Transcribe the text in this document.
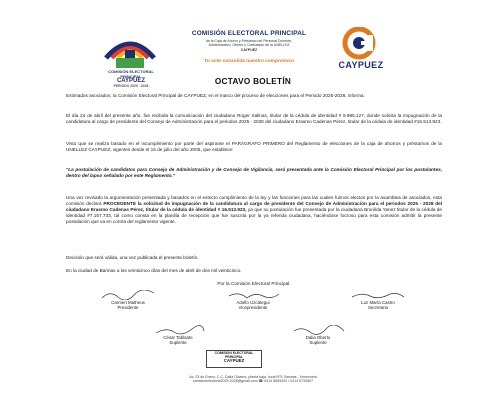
COMISIÓN ELECTORAL
PRINCIPAL
CAYPUEZ
PERIODO 2025 - 2028
COMISIÓN ELECTORAL PRINCIPAL
de la Caja de Ahorro y Préstamo del Personal Docente,
Administrativo, Obrero y Contratado de la UNELLEZ
CAYPUEZ
Tu voto consolida nuestro compromiso	CAYPUEZ
OCTAVO BOLETÍN
Estimados asociados, la Comisión Electoral Principal de CAYPUEZ, en el marco del proceso de elecciones para el Periodo 2025-2028, informa:
El día 24 de abril del presente año, fue recibida la comunicación del ciudadano Roger Salinas, titular de la cédula de identidad # 9.985.127, donde solicita la impugnación de la candidatura al cargo de presidente del Consejo de Administración para el periodos 2025 - 2028 del ciudadano Erasmo Cadenas Pérez, titular de la cédula de identidad #16.513.923.
Visto que se realiza basado en el incumplimiento por parte del aspirante el PARÁGRAFO PRIMERO del Reglamento de elecciones de la caja de ahorros y préstamos de la UNELLEZ CAYPUEZ, vigentes desde el 15 de julio del año 2005, que establece:
"La postulación de candidatos para Consejo de Administración y de Consejo de Vigilancia, será presentada ante la Comisión Electoral Principal por los postulantes, dentro del lapso señalado por este Reglamento."
Una vez revisado la argumentación presentada y basados en el estricto cumplimiento de la ley y las funciones para las cuales fuimos electos por la asamblea de asociados, esta comisión declara PROCEDENTE la solicitud de impugnación de la candidatura al cargo de presidente del Consejo de Administración para el periodos 2025 - 2028 del ciudadano Erasmo Cadenas Pérez, titular de la cédula de identidad # 16.513.923, ya que su postulación fue presentada por la ciudadana Brunilda Yanez titular de la cédula de identidad #7.167.733, tal como consta en la planilla de recepción que fue suscrita por la ya referida ciudadana, haciéndose forzoso para esta comisión admitir la presente postulación que va en contra del reglamento vigente.
Decisión que será válida, una vez publicada el presente boletín.
En la ciudad de Barinas a los veinticinco días del mes de abril de dos mil veinticinco.
Por la Comisión Electoral Principal.
Carmen Matheus
Presidente
Adolfo Uzcátegui
Vicepresidente
Luz María Castro
Secretaria
César Tablante
Suplente
Dalia Oberto
Suplente
COMISIÓN ELECTORAL PRINCIPAL
CAYPUEZ
Av. 23 de Enero, C.C. Dalia Oliveiro, planta baja, local N°5. Barinas - Venezuela
comisionelectoral2025.2028@gmail.com ☎ 0414 5659320 / 0414 5732807
